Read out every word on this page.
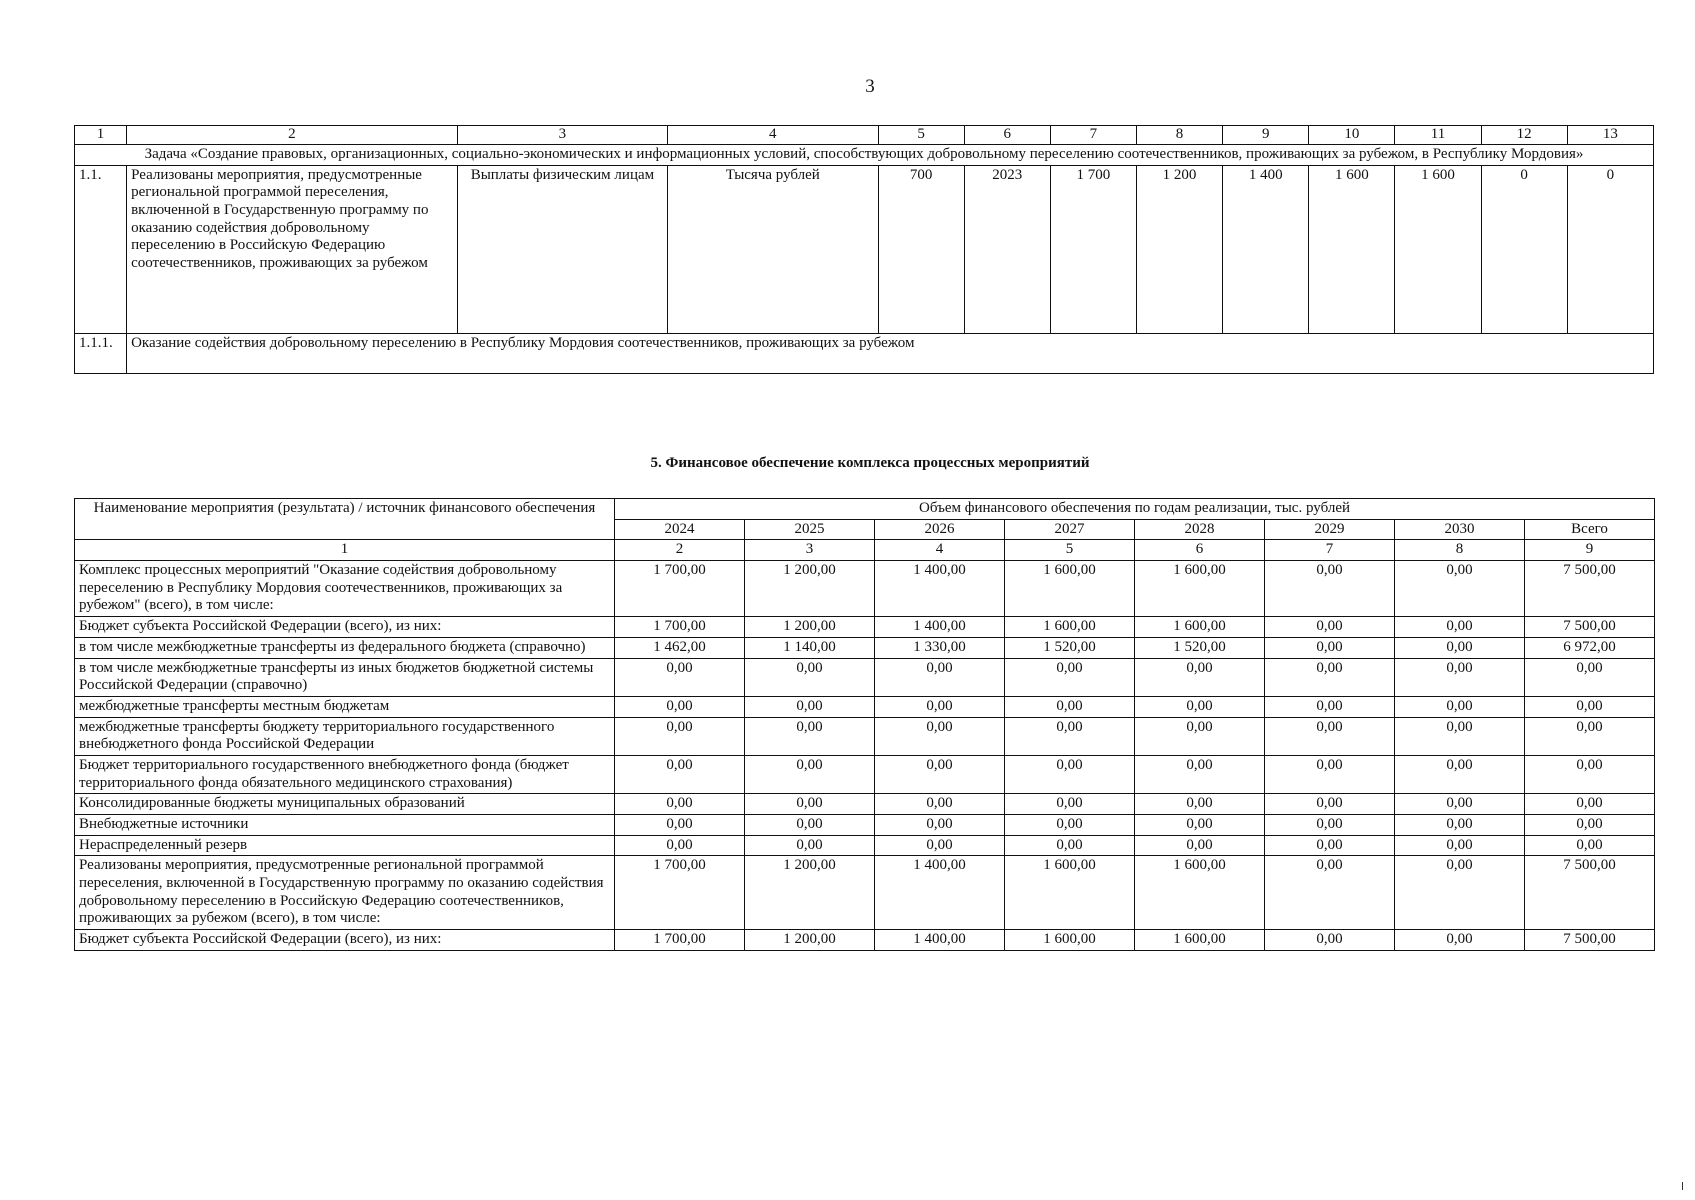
3
1	2	3	4	5	6	7	8	9	10	11	12	13
Задача «Создание правовых, организационных, социально-экономических и информационных условий, способствующих добровольному переселению соотечественников, проживающих за рубежом, в Республику Мордовия»												
1.1.	Реализованы мероприятия, предусмотренные региональной программой переселения, включенной в Государственную программу по оказанию содействия добровольному переселению в Российскую Федерацию соотечественников, проживающих за рубежом	Выплаты физическим лицам	Тысяча рублей	700	2023	1 700	1 200	1 400	1 600	1 600	0	0
1.1.1.	Оказание содействия добровольному переселению в Республику Мордовия соотечественников, проживающих за рубежом											
5. Финансовое обеспечение комплекса процессных мероприятий
Наименование мероприятия (результата) / источник финансового обеспечения	Объем финансового обеспечения по годам реализации, тыс. рублей							
	2024	2025	2026	2027	2028	2029	2030	Всего
1	2	3	4	5	6	7	8	9
Комплекс процессных мероприятий "Оказание содействия добровольному переселению в Республику Мордовия соотечественников, проживающих за рубежом" (всего), в том числе:	1 700,00	1 200,00	1 400,00	1 600,00	1 600,00	0,00	0,00	7 500,00
Бюджет субъекта Российской Федерации (всего), из них:	1 700,00	1 200,00	1 400,00	1 600,00	1 600,00	0,00	0,00	7 500,00
в том числе межбюджетные трансферты из федерального бюджета (справочно)	1 462,00	1 140,00	1 330,00	1 520,00	1 520,00	0,00	0,00	6 972,00
в том числе межбюджетные трансферты из иных бюджетов бюджетной системы Российской Федерации (справочно)	0,00	0,00	0,00	0,00	0,00	0,00	0,00	0,00
межбюджетные трансферты местным бюджетам	0,00	0,00	0,00	0,00	0,00	0,00	0,00	0,00
межбюджетные трансферты бюджету территориального государственного внебюджетного фонда Российской Федерации	0,00	0,00	0,00	0,00	0,00	0,00	0,00	0,00
Бюджет территориального государственного внебюджетного фонда (бюджет территориального фонда обязательного медицинского страхования)	0,00	0,00	0,00	0,00	0,00	0,00	0,00	0,00
Консолидированные бюджеты муниципальных образований	0,00	0,00	0,00	0,00	0,00	0,00	0,00	0,00
Внебюджетные источники	0,00	0,00	0,00	0,00	0,00	0,00	0,00	0,00
Нераспределенный резерв	0,00	0,00	0,00	0,00	0,00	0,00	0,00	0,00
Реализованы мероприятия, предусмотренные региональной программой переселения, включенной в Государственную программу по оказанию содействия добровольному переселению в Российскую Федерацию соотечественников, проживающих за рубежом (всего), в том числе:	1 700,00	1 200,00	1 400,00	1 600,00	1 600,00	0,00	0,00	7 500,00
Бюджет субъекта Российской Федерации (всего), из них:	1 700,00	1 200,00	1 400,00	1 600,00	1 600,00	0,00	0,00	7 500,00
